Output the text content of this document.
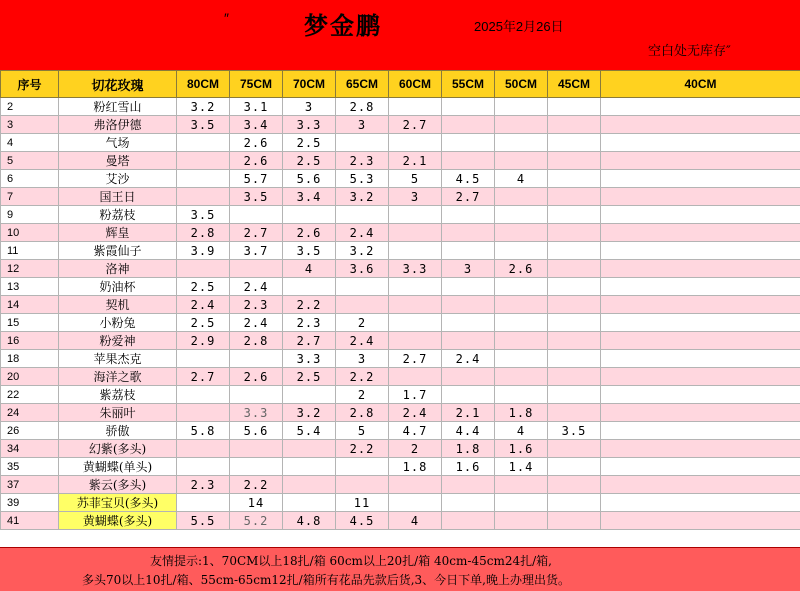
″	梦金鹏	2025年2月26日
空白处无库存″
序号	切花玫瑰	80CM	75CM	70CM	65CM	60CM	55CM	50CM	45CM	40CM
2	粉红雪山	3.2	3.1	3	2.8					
3	弗洛伊德	3.5	3.4	3.3	3	2.7				
4	气场		2.6	2.5						
5	曼塔		2.6	2.5	2.3	2.1				
6	艾沙		5.7	5.6	5.3	5	4.5	4		
7	国王日		3.5	3.4	3.2	3	2.7			
9	粉荔枝	3.5								
10	辉皇	2.8	2.7	2.6	2.4					
11	紫霞仙子	3.9	3.7	3.5	3.2					
12	洛神			4	3.6	3.3	3	2.6		
13	奶油杯	2.5	2.4							
14	契机	2.4	2.3	2.2						
15	小粉兔	2.5	2.4	2.3	2					
16	粉爱神	2.9	2.8	2.7	2.4					
18	苹果杰克			3.3	3	2.7	2.4			
20	海洋之歌	2.7	2.6	2.5	2.2					
22	紫荔枝				2	1.7				
24	朱丽叶		3.3	3.2	2.8	2.4	2.1	1.8		
26	骄傲	5.8	5.6	5.4	5	4.7	4.4	4	3.5	
34	幻紫(多头)				2.2	2	1.8	1.6		
35	黄蝴蝶(单头)					1.8	1.6	1.4		
37	紫云(多头)	2.3	2.2							
39	苏菲宝贝(多头)		14		11					
41	黄蝴蝶(多头)	5.5	5.2	4.8	4.5	4				
友情提示:1、70CM以上18扎/箱 60cm以上20扎/箱 40cm-45cm24扎/箱,
多头70以上10扎/箱、55cm-65cm12扎/箱所有花品先款后货,3、今日下单,晚上办理出货。
